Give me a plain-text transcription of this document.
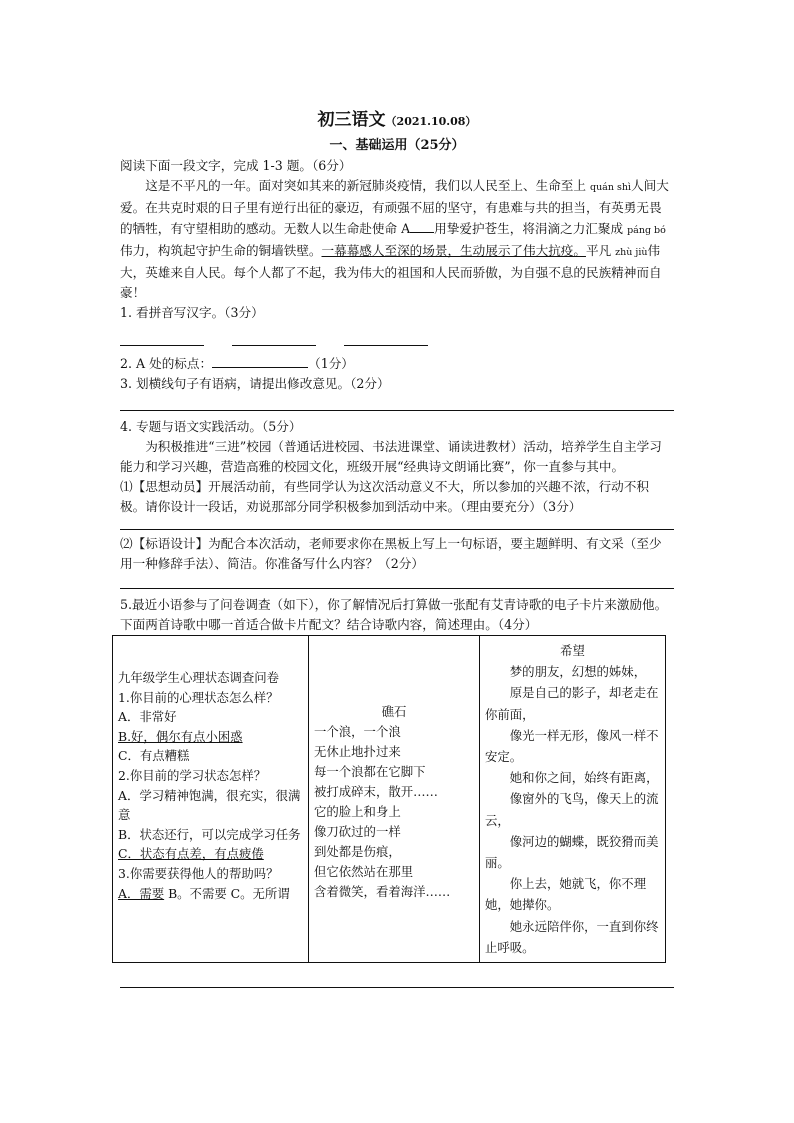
初三语文（2021.10.08）
一、基础运用（25分）

阅读下面一段文字，完成 1-3 题。（6分）

这是不平凡的一年。面对突如其来的新冠肺炎疫情，我们以人民至上、生命至上 quán shì人间大爱。在共克时艰的日子里有逆行出征的豪迈，有顽强不屈的坚守，有患难与共的担当，有英勇无畏的牺牲，有守望相助的感动。无数人以生命赴使命 A 用挚爱护苍生，将涓滴之力汇聚成 páng bó伟力，构筑起守护生命的铜墙铁壁。一幕幕感人至深的场景，生动展示了伟大抗疫。平凡 zhù jiù伟大，英雄来自人民。每个人都了不起，我为伟大的祖国和人民而骄傲，为自强不息的民族精神而自豪！

1. 看拼音写汉字。（3分）

2. A 处的标点：	（1分）

3. 划横线句子有语病，请提出修改意见。（2分）

4. 专题与语文实践活动。（5分）

为积极推进“三进”校园（普通话进校园、书法进课堂、诵读进教材）活动，培养学生自主学习能力和学习兴趣，营造高雅的校园文化，班级开展“经典诗文朗诵比赛”，你一直参与其中。

⑴【思想动员】开展活动前，有些同学认为这次活动意义不大，所以参加的兴趣不浓，行动不积极。请你设计一段话，劝说那部分同学积极参加到活动中来。（理由要充分）（3分）

⑵【标语设计】为配合本次活动，老师要求你在黑板上写上一句标语，要主题鲜明、有文采（至少用一种修辞手法）、简洁。你准备写什么内容？（2分）

5.最近小语参与了问卷调查（如下），你了解情况后打算做一张配有艾青诗歌的电子卡片来激励他。下面两首诗歌中哪一首适合做卡片配文？结合诗歌内容，简述理由。（4分）

九年级学生心理状态调查问卷
1.你目前的心理状态怎么样？
A．非常好
B.好，偶尔有点小困惑
C．有点糟糕
2.你目前的学习状态怎样？
A．学习精神饱满，很充实，很满意
B．状态还行，可以完成学习任务
C．状态有点差，有点疲倦
3.你需要获得他人的帮助吗？
A．需要 B。不需要 C。无所谓

礁石
一个浪，一个浪
无休止地扑过来
每一个浪都在它脚下
被打成碎末，散开……
它的脸上和身上
像刀砍过的一样
到处都是伤痕，
但它依然站在那里
含着微笑，看着海洋……

希望

梦的朋友，幻想的姊妹，

原是自己的影子，却老走在你前面，

像光一样无形，像风一样不安定。

她和你之间，始终有距离，

像窗外的飞鸟，像天上的流云，

像河边的蝴蝶，既狡猾而美丽。

你上去，她就飞，你不理她，她撵你。

她永远陪伴你，一直到你终止呼吸。
